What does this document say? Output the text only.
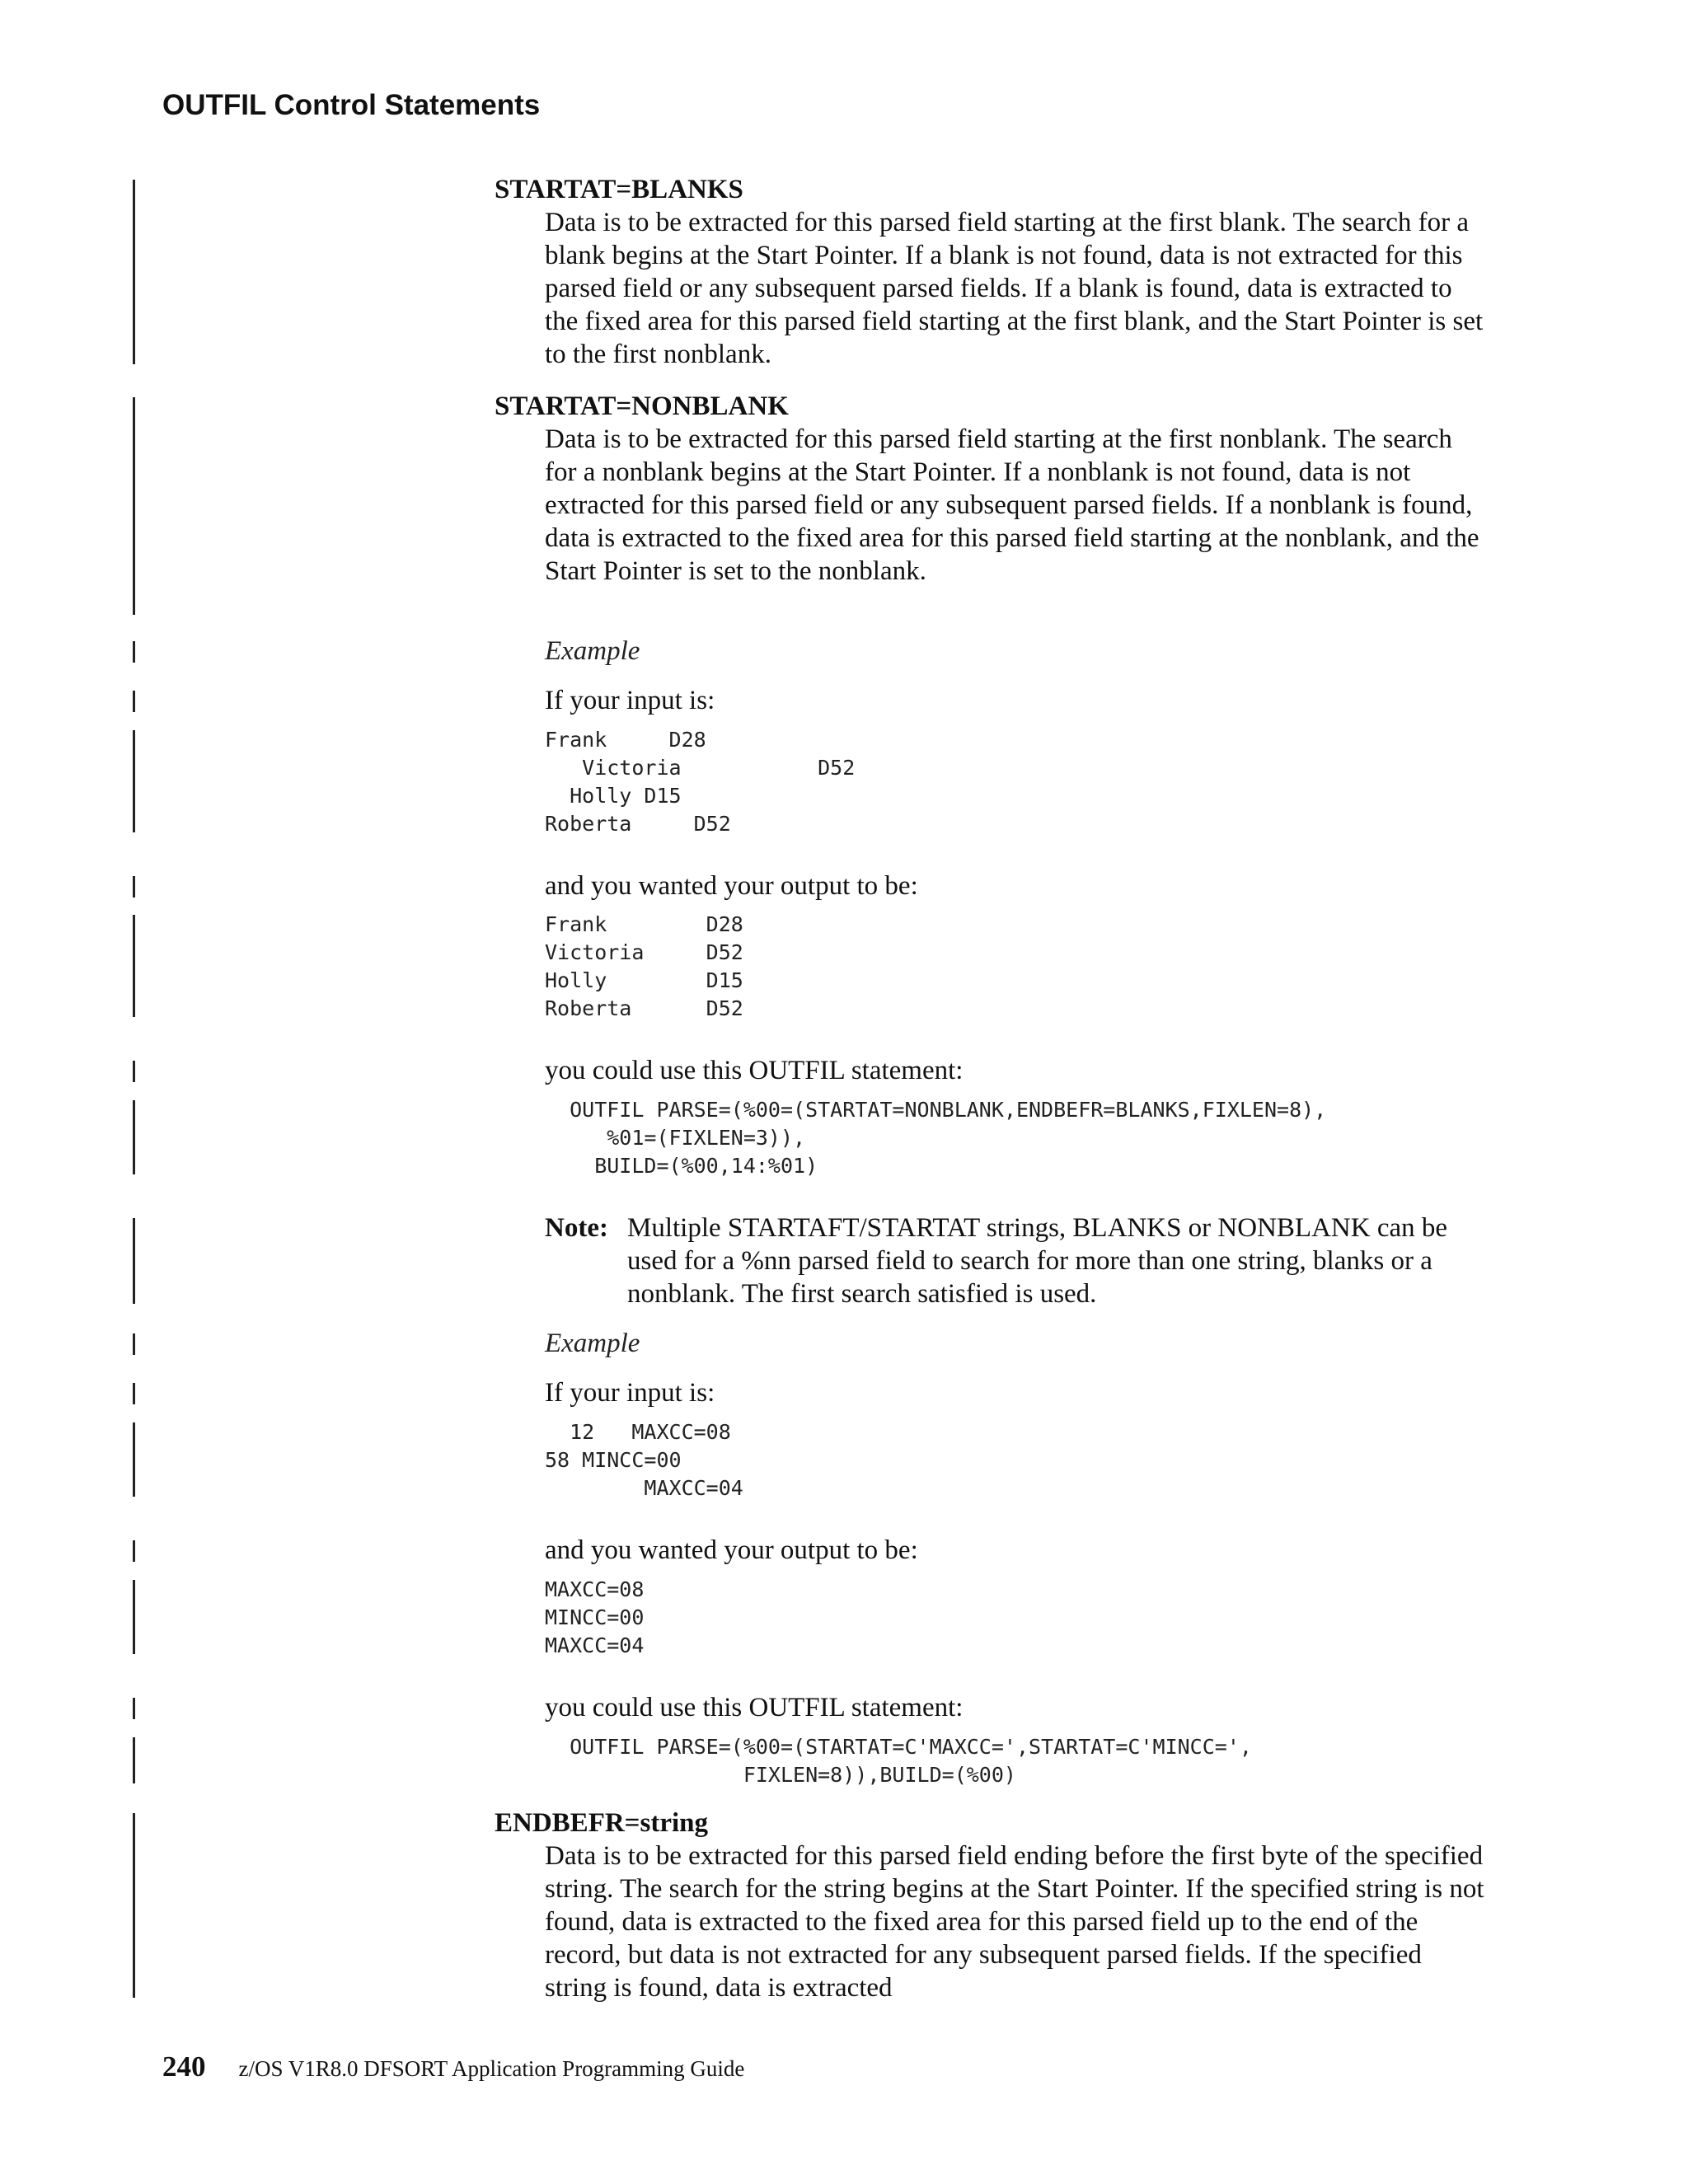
OUTFIL Control Statements
STARTAT=BLANKS

Data is to be extracted for this parsed field starting at the first blank. The search for a blank begins at the Start Pointer. If a blank is not found, data is not extracted for this parsed field or any subsequent parsed fields. If a blank is found, data is extracted to the fixed area for this parsed field starting at the first blank, and the Start Pointer is set to the first nonblank.

STARTAT=NONBLANK

Data is to be extracted for this parsed field starting at the first nonblank. The search for a nonblank begins at the Start Pointer. If a nonblank is not found, data is not extracted for this parsed field or any subsequent parsed fields. If a nonblank is found, data is extracted to the fixed area for this parsed field starting at the nonblank, and the Start Pointer is set to the nonblank.

Example

If your input is:

Frank     D28
Victoria           D52
Holly D15
Roberta     D52

and you wanted your output to be:

Frank        D28
Victoria     D52
Holly        D15
Roberta      D52

you could use this OUTFIL statement:

OUTFIL PARSE=(%00=(STARTAT=NONBLANK,ENDBEFR=BLANKS,FIXLEN=8),
%01=(FIXLEN=3)),
BUILD=(%00,14:%01)
Note: Multiple STARTAFT/STARTAT strings, BLANKS or NONBLANK can be used for a %nn parsed field to search for more than one string, blanks or a nonblank. The first search satisfied is used.
Example

If your input is:

12   MAXCC=08
58 MINCC=00
MAXCC=04

and you wanted your output to be:

MAXCC=08
MINCC=00
MAXCC=04

you could use this OUTFIL statement:

OUTFIL PARSE=(%00=(STARTAT=C'MAXCC=',STARTAT=C'MINCC=',
FIXLEN=8)),BUILD=(%00)
ENDBEFR=string

Data is to be extracted for this parsed field ending before the first byte of the specified string. The search for the string begins at the Start Pointer. If the specified string is not found, data is extracted to the fixed area for this parsed field up to the end of the record, but data is not extracted for any subsequent parsed fields. If the specified string is found, data is extracted

240 z/OS V1R8.0 DFSORT Application Programming Guide
